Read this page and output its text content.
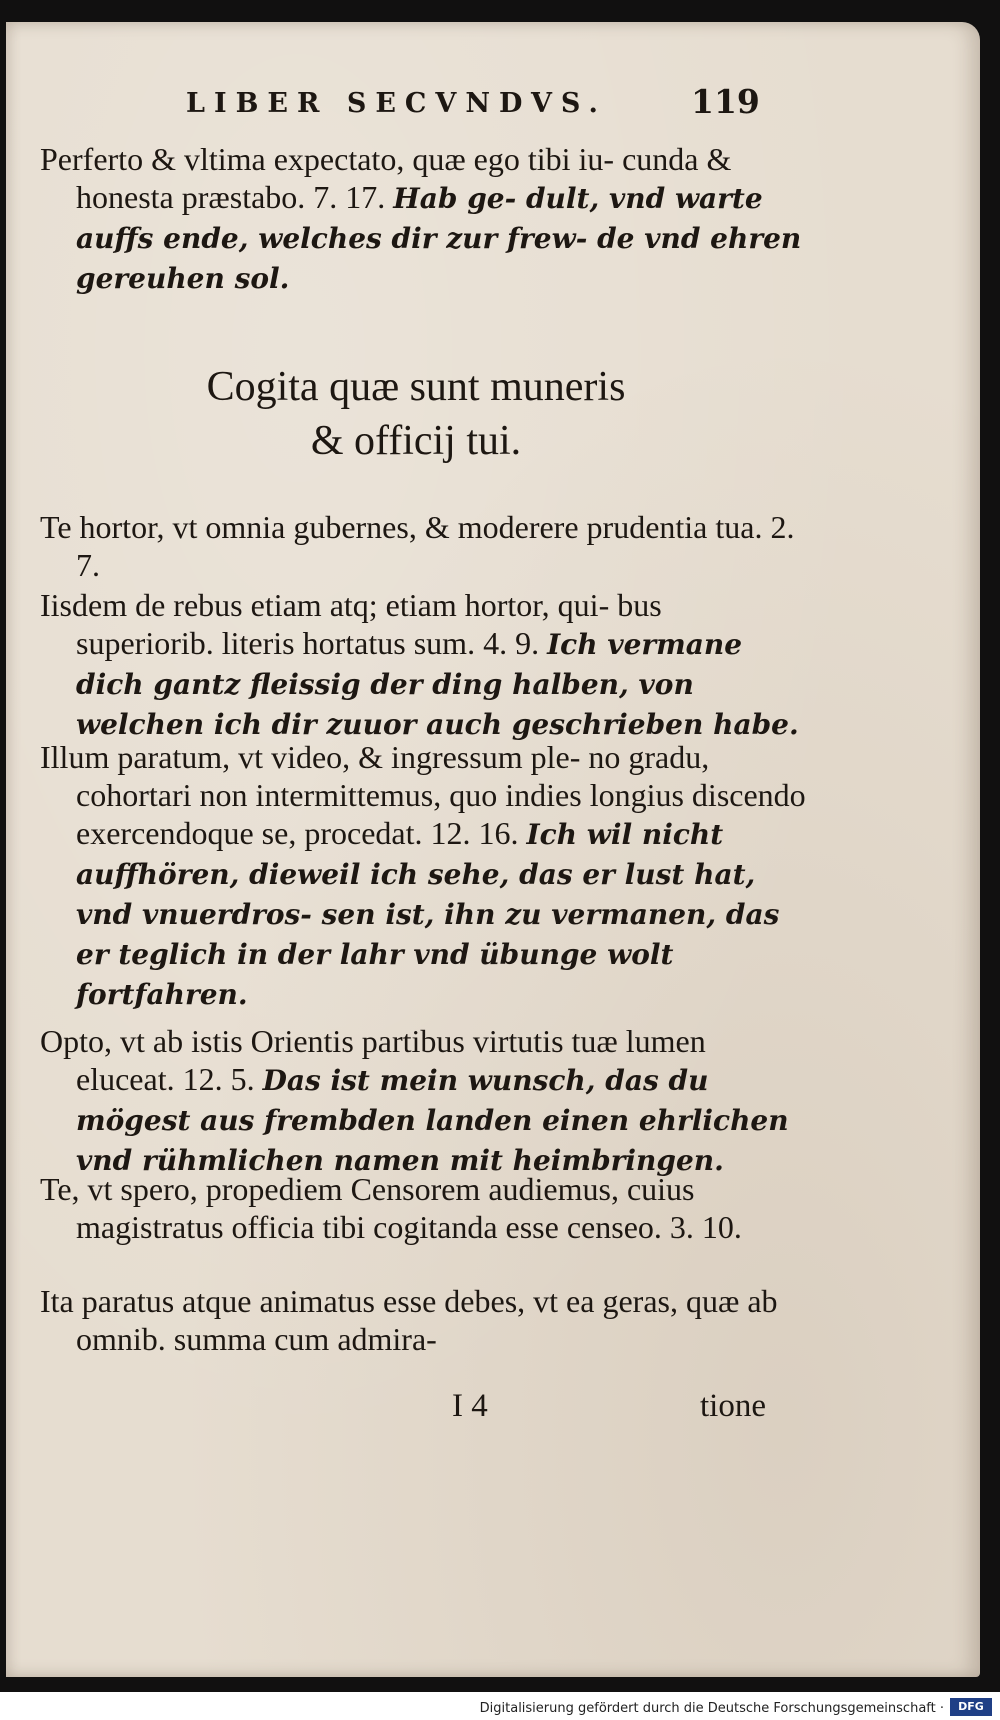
LIBER SECVNDVS.	119
Perferto & vltima expectato, quæ ego tibi iu- cunda & honesta præstabo. 7. 17. Hab ge- dult, vnd warte auffs ende, welches dir zur frew- de vnd ehren gereuhen sol.
Cogita quæ sunt muneris
& officij tui.
Te hortor, vt omnia gubernes, & moderere prudentia tua. 2. 7.
Iisdem de rebus etiam atq; etiam hortor, qui- bus superiorib. literis hortatus sum. 4. 9. Ich vermane dich gantz fleissig der ding halben, von welchen ich dir zuuor auch geschrieben habe.
Illum paratum, vt video, & ingressum ple- no gradu, cohortari non intermittemus, quo indies longius discendo exercendoque se, procedat. 12. 16. Ich wil nicht auffhören, dieweil ich sehe, das er lust hat, vnd vnuerdros- sen ist, ihn zu vermanen, das er teglich in der lahr vnd übunge wolt fortfahren.
Opto, vt ab istis Orientis partibus virtutis tuæ lumen eluceat. 12. 5. Das ist mein wunsch, das du mögest aus frembden landen einen ehrlichen vnd rühmlichen namen mit heimbringen.
Te, vt spero, propediem Censorem audiemus, cuius magistratus officia tibi cogitanda esse censeo. 3. 10.
Ita paratus atque animatus esse debes, vt ea geras, quæ ab omnib. summa cum admira-
I 4	tione
Digitalisierung gefördert durch die Deutsche Forschungsgemeinschaft ·	DFG
